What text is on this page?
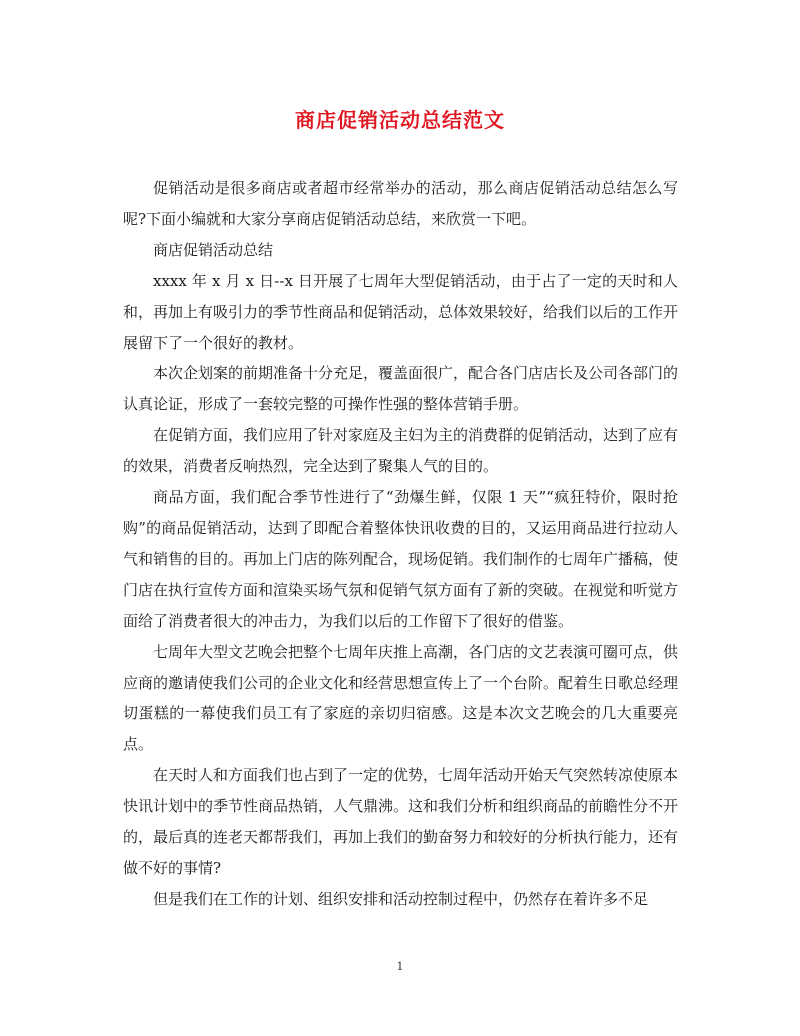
商店促销活动总结范文

促销活动是很多商店或者超市经常举办的活动，那么商店促销活动总结怎么写呢?下面小编就和大家分享商店促销活动总结，来欣赏一下吧。

商店促销活动总结

xxxx 年 x 月 x 日--x 日开展了七周年大型促销活动，由于占了一定的天时和人和，再加上有吸引力的季节性商品和促销活动，总体效果较好，给我们以后的工作开展留下了一个很好的教材。

本次企划案的前期准备十分充足，覆盖面很广，配合各门店店长及公司各部门的认真论证，形成了一套较完整的可操作性强的整体营销手册。

在促销方面，我们应用了针对家庭及主妇为主的消费群的促销活动，达到了应有的效果，消费者反响热烈，完全达到了聚集人气的目的。

商品方面，我们配合季节性进行了“劲爆生鲜，仅限 1 天”“疯狂特价，限时抢购”的商品促销活动，达到了即配合着整体快讯收费的目的，又运用商品进行拉动人气和销售的目的。再加上门店的陈列配合，现场促销。我们制作的七周年广播稿，使门店在执行宣传方面和渲染买场气氛和促销气氛方面有了新的突破。在视觉和听觉方面给了消费者很大的冲击力，为我们以后的工作留下了很好的借鉴。

七周年大型文艺晚会把整个七周年庆推上高潮，各门店的文艺表演可圈可点，供应商的邀请使我们公司的企业文化和经营思想宣传上了一个台阶。配着生日歌总经理切蛋糕的一幕使我们员工有了家庭的亲切归宿感。这是本次文艺晚会的几大重要亮点。

在天时人和方面我们也占到了一定的优势，七周年活动开始天气突然转凉使原本快讯计划中的季节性商品热销，人气鼎沸。这和我们分析和组织商品的前瞻性分不开的，最后真的连老天都帮我们，再加上我们的勤奋努力和较好的分析执行能力，还有做不好的事情?

但是我们在工作的计划、组织安排和活动控制过程中，仍然存在着许多不足

1
